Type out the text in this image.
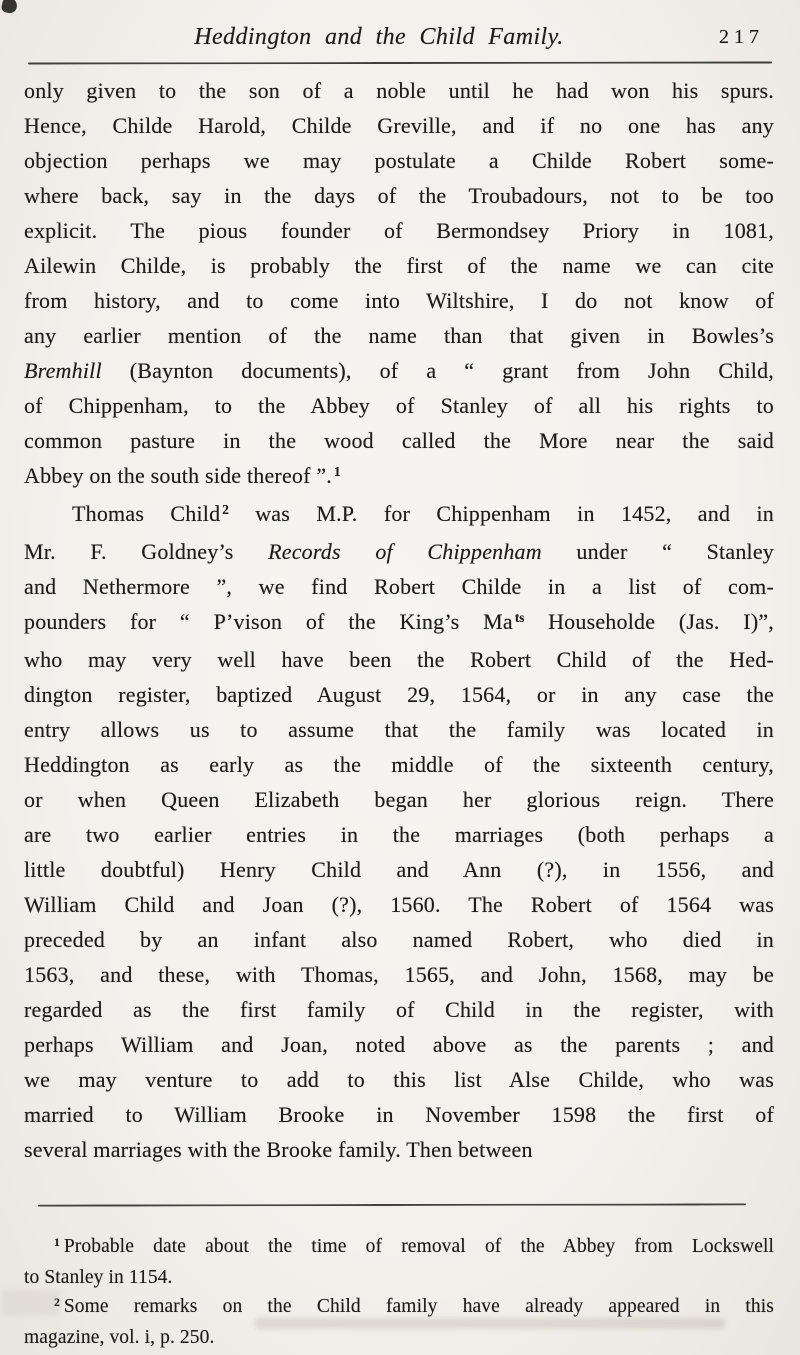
Heddington and the Child Family.	217
only given to the son of a noble until he had won his spurs.
Hence, Childe Harold, Childe Greville, and if no one has any
objection perhaps we may postulate a Childe Robert some-
where back, say in the days of the Troubadours, not to be too
explicit. The pious founder of Bermondsey Priory in 1081,
Ailewin Childe, is probably the first of the name we can cite
from history, and to come into Wiltshire, I do not know of
any earlier mention of the name than that given in Bowles’s
Bremhill (Baynton documents), of a “ grant from John Child,
of Chippenham, to the Abbey of Stanley of all his rights to
common pasture in the wood called the More near the said
Abbey on the south side thereof ”. $^1$
Thomas Child $^2$ was M.P. for Chippenham in 1452, and in
Mr. F. Goldney’s Records of Chippenham under “ Stanley
and Nethermore ”, we find Robert Childe in a list of com-
pounders for “ P’vison of the King’s Ma $^{ts}$ Householde (Jas. I)”,
who may very well have been the Robert Child of the Hed-
dington register, baptized August 29, 1564, or in any case the
entry allows us to assume that the family was located in
Heddington as early as the middle of the sixteenth century,
or when Queen Elizabeth began her glorious reign. There
are two earlier entries in the marriages (both perhaps a
little doubtful) Henry Child and Ann (?), in 1556, and
William Child and Joan (?), 1560. The Robert of 1564 was
preceded by an infant also named Robert, who died in
1563, and these, with Thomas, 1565, and John, 1568, may be
regarded as the first family of Child in the register, with
perhaps William and Joan, noted above as the parents ; and
we may venture to add to this list Alse Childe, who was
married to William Brooke in November 1598 the first of
several marriages with the Brooke family. Then between
$^1$ Probable date about the time of removal of the Abbey from Lockswell
to Stanley in 1154.
$^2$ Some remarks on the Child family have already appeared in this
magazine, vol. i, p. 250.
